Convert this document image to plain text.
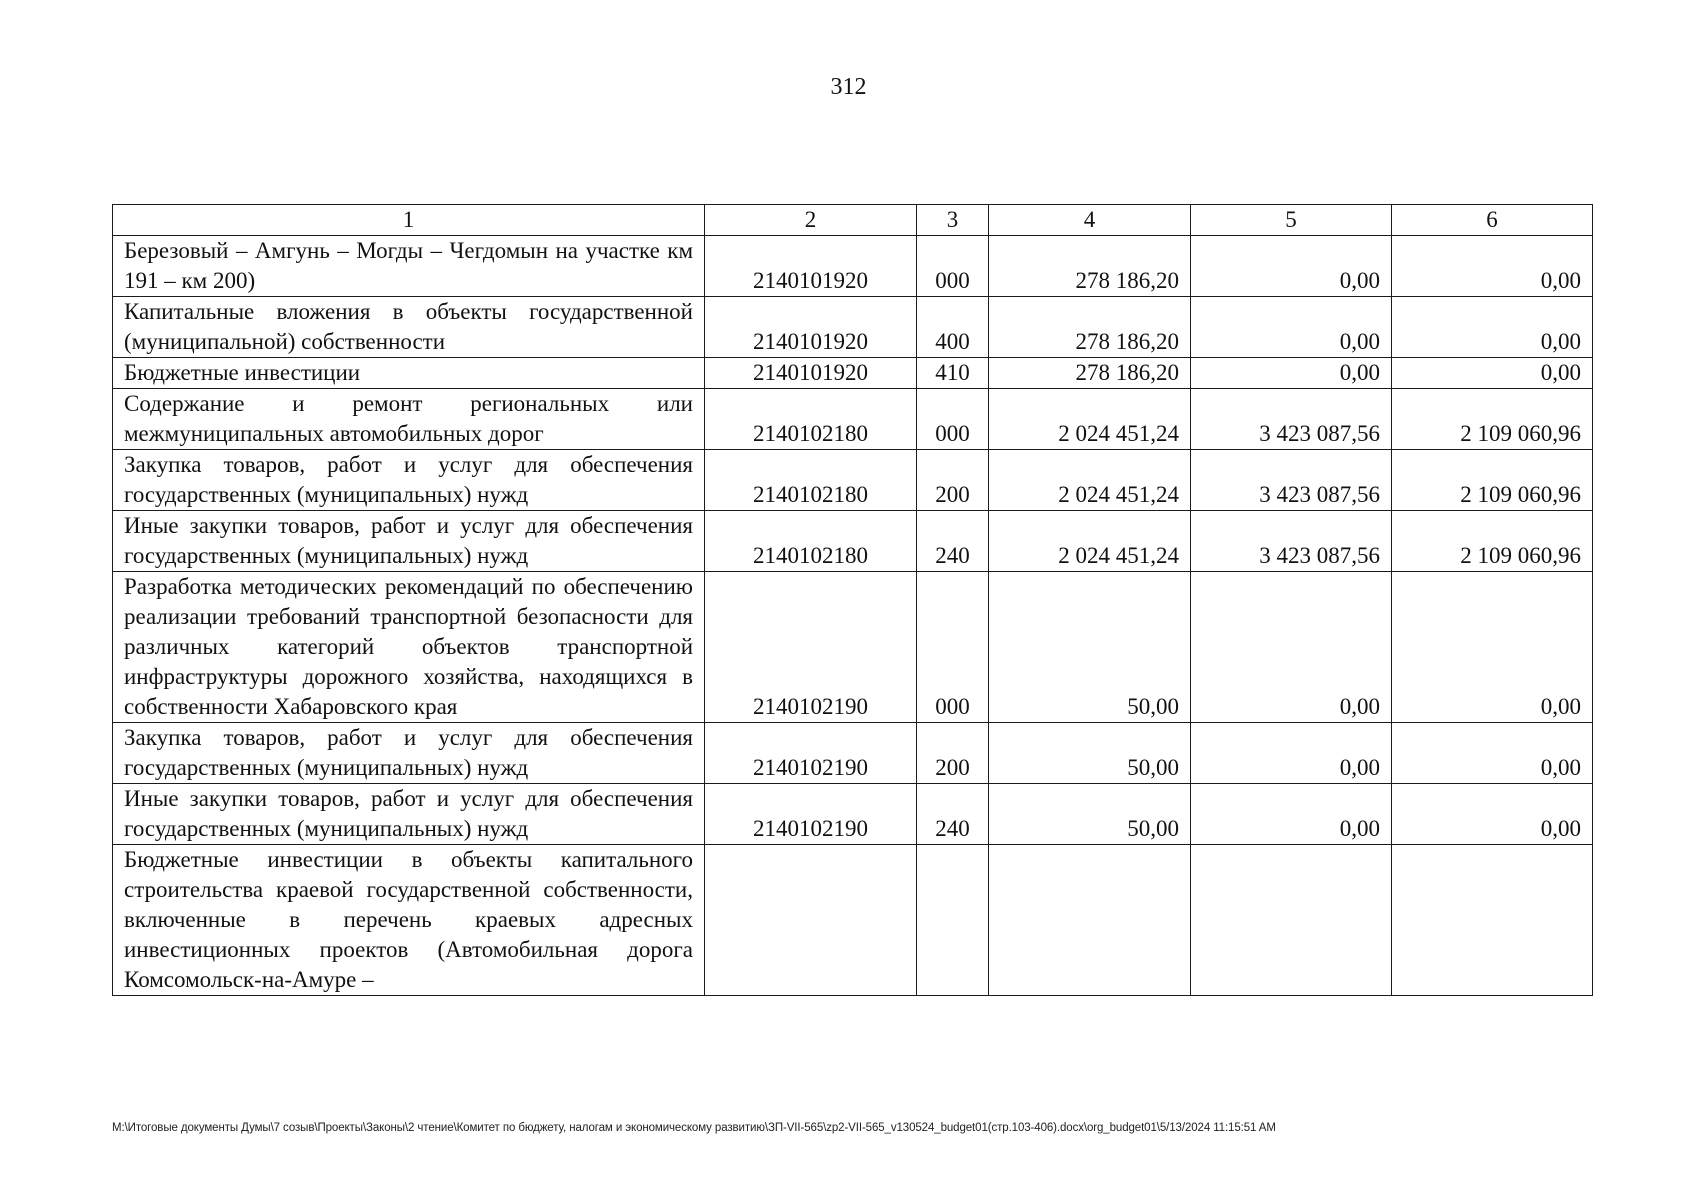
312
1	2	3	4	5	6
Березовый – Амгунь – Могды – Чегдомын на участке км 191 – км 200)	2140101920	000	278 186,20	0,00	0,00
Капитальные вложения в объекты государственной (муниципальной) собственности	2140101920	400	278 186,20	0,00	0,00
Бюджетные инвестиции	2140101920	410	278 186,20	0,00	0,00
Содержание и ремонт региональных или межмуниципальных автомобильных дорог	2140102180	000	2 024 451,24	3 423 087,56	2 109 060,96
Закупка товаров, работ и услуг для обеспечения государственных (муниципальных) нужд	2140102180	200	2 024 451,24	3 423 087,56	2 109 060,96
Иные закупки товаров, работ и услуг для обеспечения государственных (муниципальных) нужд	2140102180	240	2 024 451,24	3 423 087,56	2 109 060,96
Разработка методических рекомендаций по обеспечению реализации требований транспортной безопасности для различных категорий объектов транспортной инфраструктуры дорожного хозяйства, находящихся в собственности Хабаровского края	2140102190	000	50,00	0,00	0,00
Закупка товаров, работ и услуг для обеспечения государственных (муниципальных) нужд	2140102190	200	50,00	0,00	0,00
Иные закупки товаров, работ и услуг для обеспечения государственных (муниципальных) нужд	2140102190	240	50,00	0,00	0,00
Бюджетные инвестиции в объекты капитального строительства краевой государственной собственности, включенные в перечень краевых адресных инвестиционных проектов (Автомобильная дорога Комсомольск-на-Амуре –					
M:\Итоговые документы Думы\7 созыв\Проекты\Законы\2 чтение\Комитет по бюджету, налогам и экономическому развитию\ЗП-VII-565\zp2-VII-565_v130524_budget01(стр.103-406).docx\org_budget01\5/13/2024 11:15:51 AM
